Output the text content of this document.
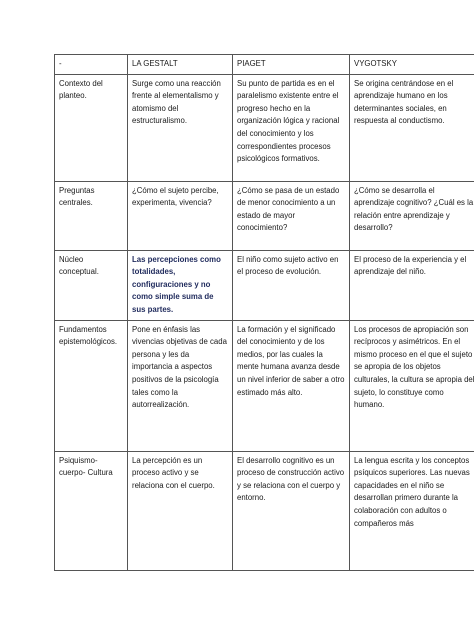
-	LA GESTALT	PIAGET	VYGOTSKY
Contexto del planteo.	Surge como una reacción frente al elementalismo y atomismo del estructuralismo.	Su punto de partida es en el paralelismo existente entre el progreso hecho en la organización lógica y racional del conocimiento y los correspondientes procesos psicológicos formativos.	Se origina centrándose en el aprendizaje humano en los determinantes sociales, en respuesta al conductismo.
Preguntas centrales.	¿Cómo el sujeto percibe, experimenta, vivencia?	¿Cómo se pasa de un estado de menor conocimiento a un estado de mayor conocimiento?	¿Cómo se desarrolla el aprendizaje cognitivo? ¿Cuál es la relación entre aprendizaje y desarrollo?
Núcleo conceptual.	Las percepciones como totalidades, configuraciones y no como simple suma de sus partes.	El niño como sujeto activo en el proceso de evolución.	El proceso de la experiencia y el aprendizaje del niño.
Fundamentos epistemológicos.	Pone en énfasis las vivencias objetivas de cada persona y les da importancia a aspectos positivos de la psicología tales como la autorrealización.	La formación y el significado del conocimiento y de los medios, por las cuales la mente humana avanza desde un nivel inferior de saber a otro estimado más alto.	Los procesos de apropiación son recíprocos y asimétricos. En el mismo proceso en el que el sujeto se apropia de los objetos culturales, la cultura se apropia del sujeto, lo constituye como humano.
Psiquismo-cuerpo- Cultura	La percepción es un proceso activo y se relaciona con el cuerpo.	El desarrollo cognitivo es un proceso de construcción activo y se relaciona con el cuerpo y entorno.	La lengua escrita y los conceptos psíquicos superiores. Las nuevas capacidades en el niño se desarrollan primero durante la colaboración con adultos o compañeros más
